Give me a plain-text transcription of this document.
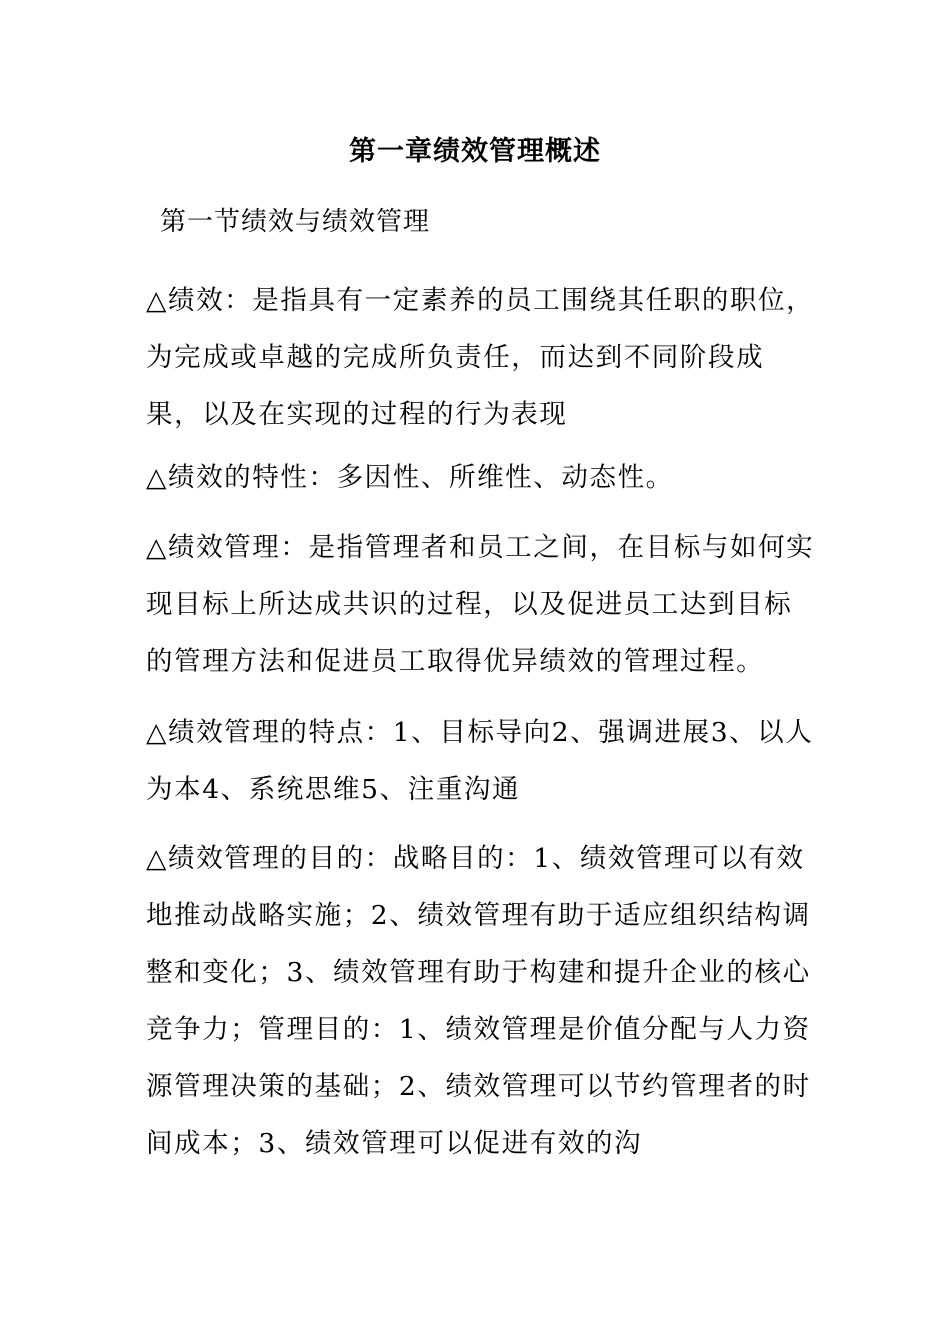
第一章绩效管理概述
第一节绩效与绩效管理

△绩效：是指具有一定素养的员工围绕其任职的职位，为完成或卓越的完成所负责任，而达到不同阶段成果，以及在实现的过程的行为表现

△绩效的特性：多因性、所维性、动态性。

△绩效管理：是指管理者和员工之间，在目标与如何实现目标上所达成共识的过程，以及促进员工达到目标的管理方法和促进员工取得优异绩效的管理过程。

△绩效管理的特点：1、目标导向2、强调进展3、以人为本4、系统思维5、注重沟通

△绩效管理的目的：战略目的：1、绩效管理可以有效地推动战略实施；2、绩效管理有助于适应组织结构调整和变化；3、绩效管理有助于构建和提升企业的核心竞争力；管理目的：1、绩效管理是价值分配与人力资源管理决策的基础；2、绩效管理可以节约管理者的时间成本；3、绩效管理可以促进有效的沟
